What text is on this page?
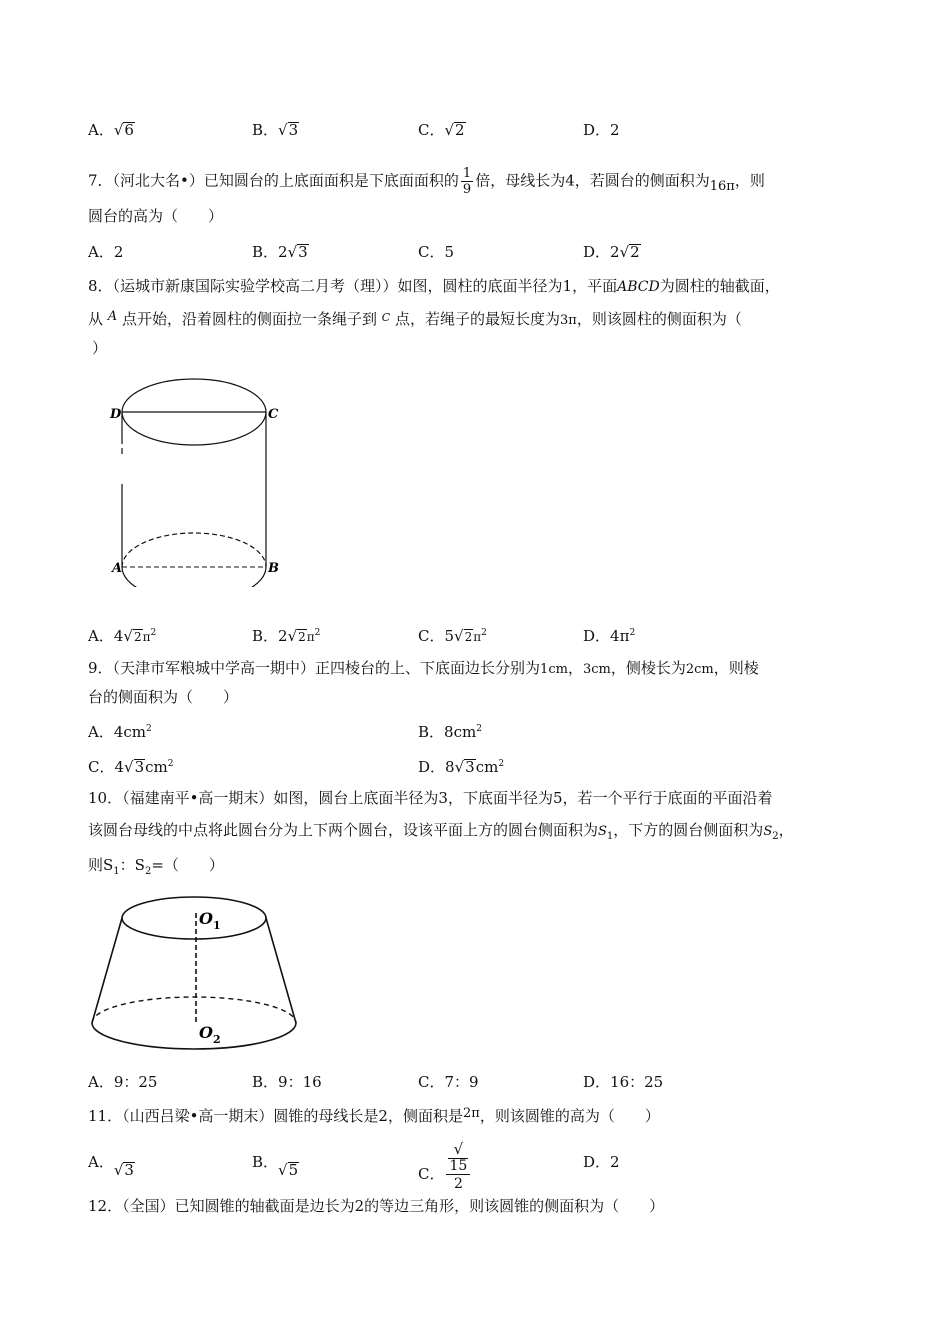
A．√6	B．√3	C．√2	D．2
7．（河北大名•）已知圆台的上底面面积是下底面面积的 $\frac{1}{9}$ 倍，母线长为4，若圆台的侧面积为16π，则
圆台的高为（　　）
A．2	B．2√3	C．5	D．2√2
8．（运城市新康国际实验学校高二月考（理））如图，圆柱的底面半径为1，平面ABCD为圆柱的轴截面，
从 A 点开始，沿着圆柱的侧面拉一条绳子到 $^C$ 点，若绳子的最短长度为3π，则该圆柱的侧面积为（
）
D	C
A	B
A．$4√2\pi^2$	B．$2√2\pi^2$	C．$5√2\pi^2$	D．$4\pi^2$
9．（天津市军粮城中学高一期中）正四棱台的上、下底面边长分别为1cm，3cm，侧棱长为2cm，则棱
台的侧面积为（　　）
A．$4cm^2$	B．$8cm^2$
C．$4√3cm^2$	D．$8√3cm^2$
10．（福建南平•高一期末）如图，圆台上底面半径为3，下底面半径为5，若一个平行于底面的平面沿着
该圆台母线的中点将此圆台分为上下两个圆台，设该平面上方的圆台侧面积为$S_1$，下方的圆台侧面积为$S_2$，
则$S_1$：$S_2=$（　　）
$O_1$
$O_2$
A．9：25	B．9：16	C．7：9	D．16：25
11．（山西吕梁•高一期末）圆锥的母线长是2，侧面积是2π，则该圆锥的高为（　　）
A．√3	B．√5	C． √
15
2	D．2
12．（全国）已知圆锥的轴截面是边长为2的等边三角形，则该圆锥的侧面积为（　　）
